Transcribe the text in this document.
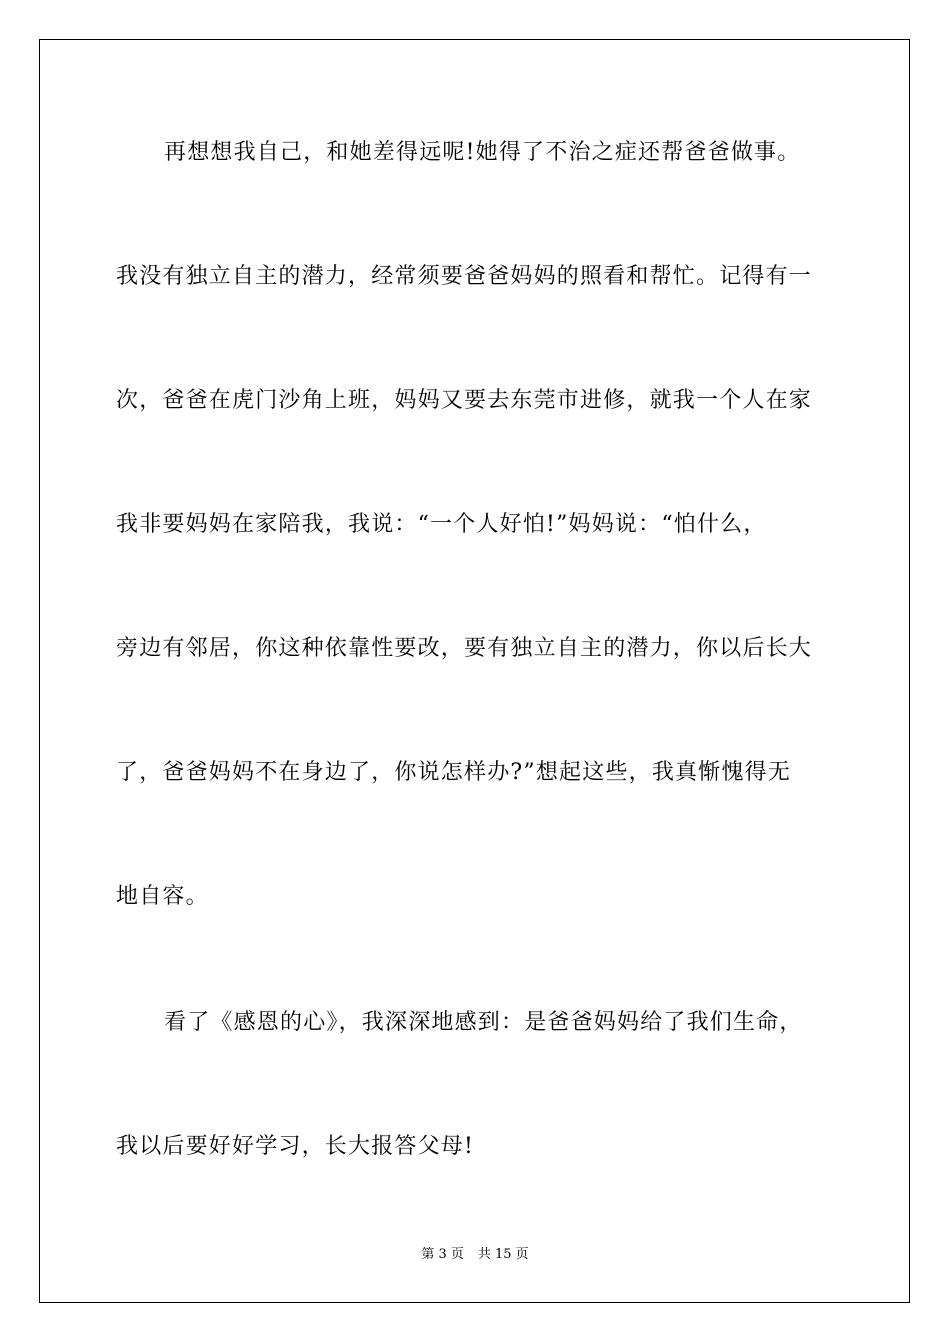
再想想我自己，和她差得远呢!她得了不治之症还帮爸爸做事。
我没有独立自主的潜力，经常须要爸爸妈妈的照看和帮忙。记得有一
次，爸爸在虎门沙角上班，妈妈又要去东莞市进修，就我一个人在家
我非要妈妈在家陪我，我说：“一个人好怕!”妈妈说：“怕什么，
旁边有邻居，你这种依靠性要改，要有独立自主的潜力，你以后长大
了，爸爸妈妈不在身边了，你说怎样办?”想起这些，我真惭愧得无
地自容。
看了《感恩的心》，我深深地感到：是爸爸妈妈给了我们生命，
我以后要好好学习，长大报答父母!
第 3 页 共 15 页
